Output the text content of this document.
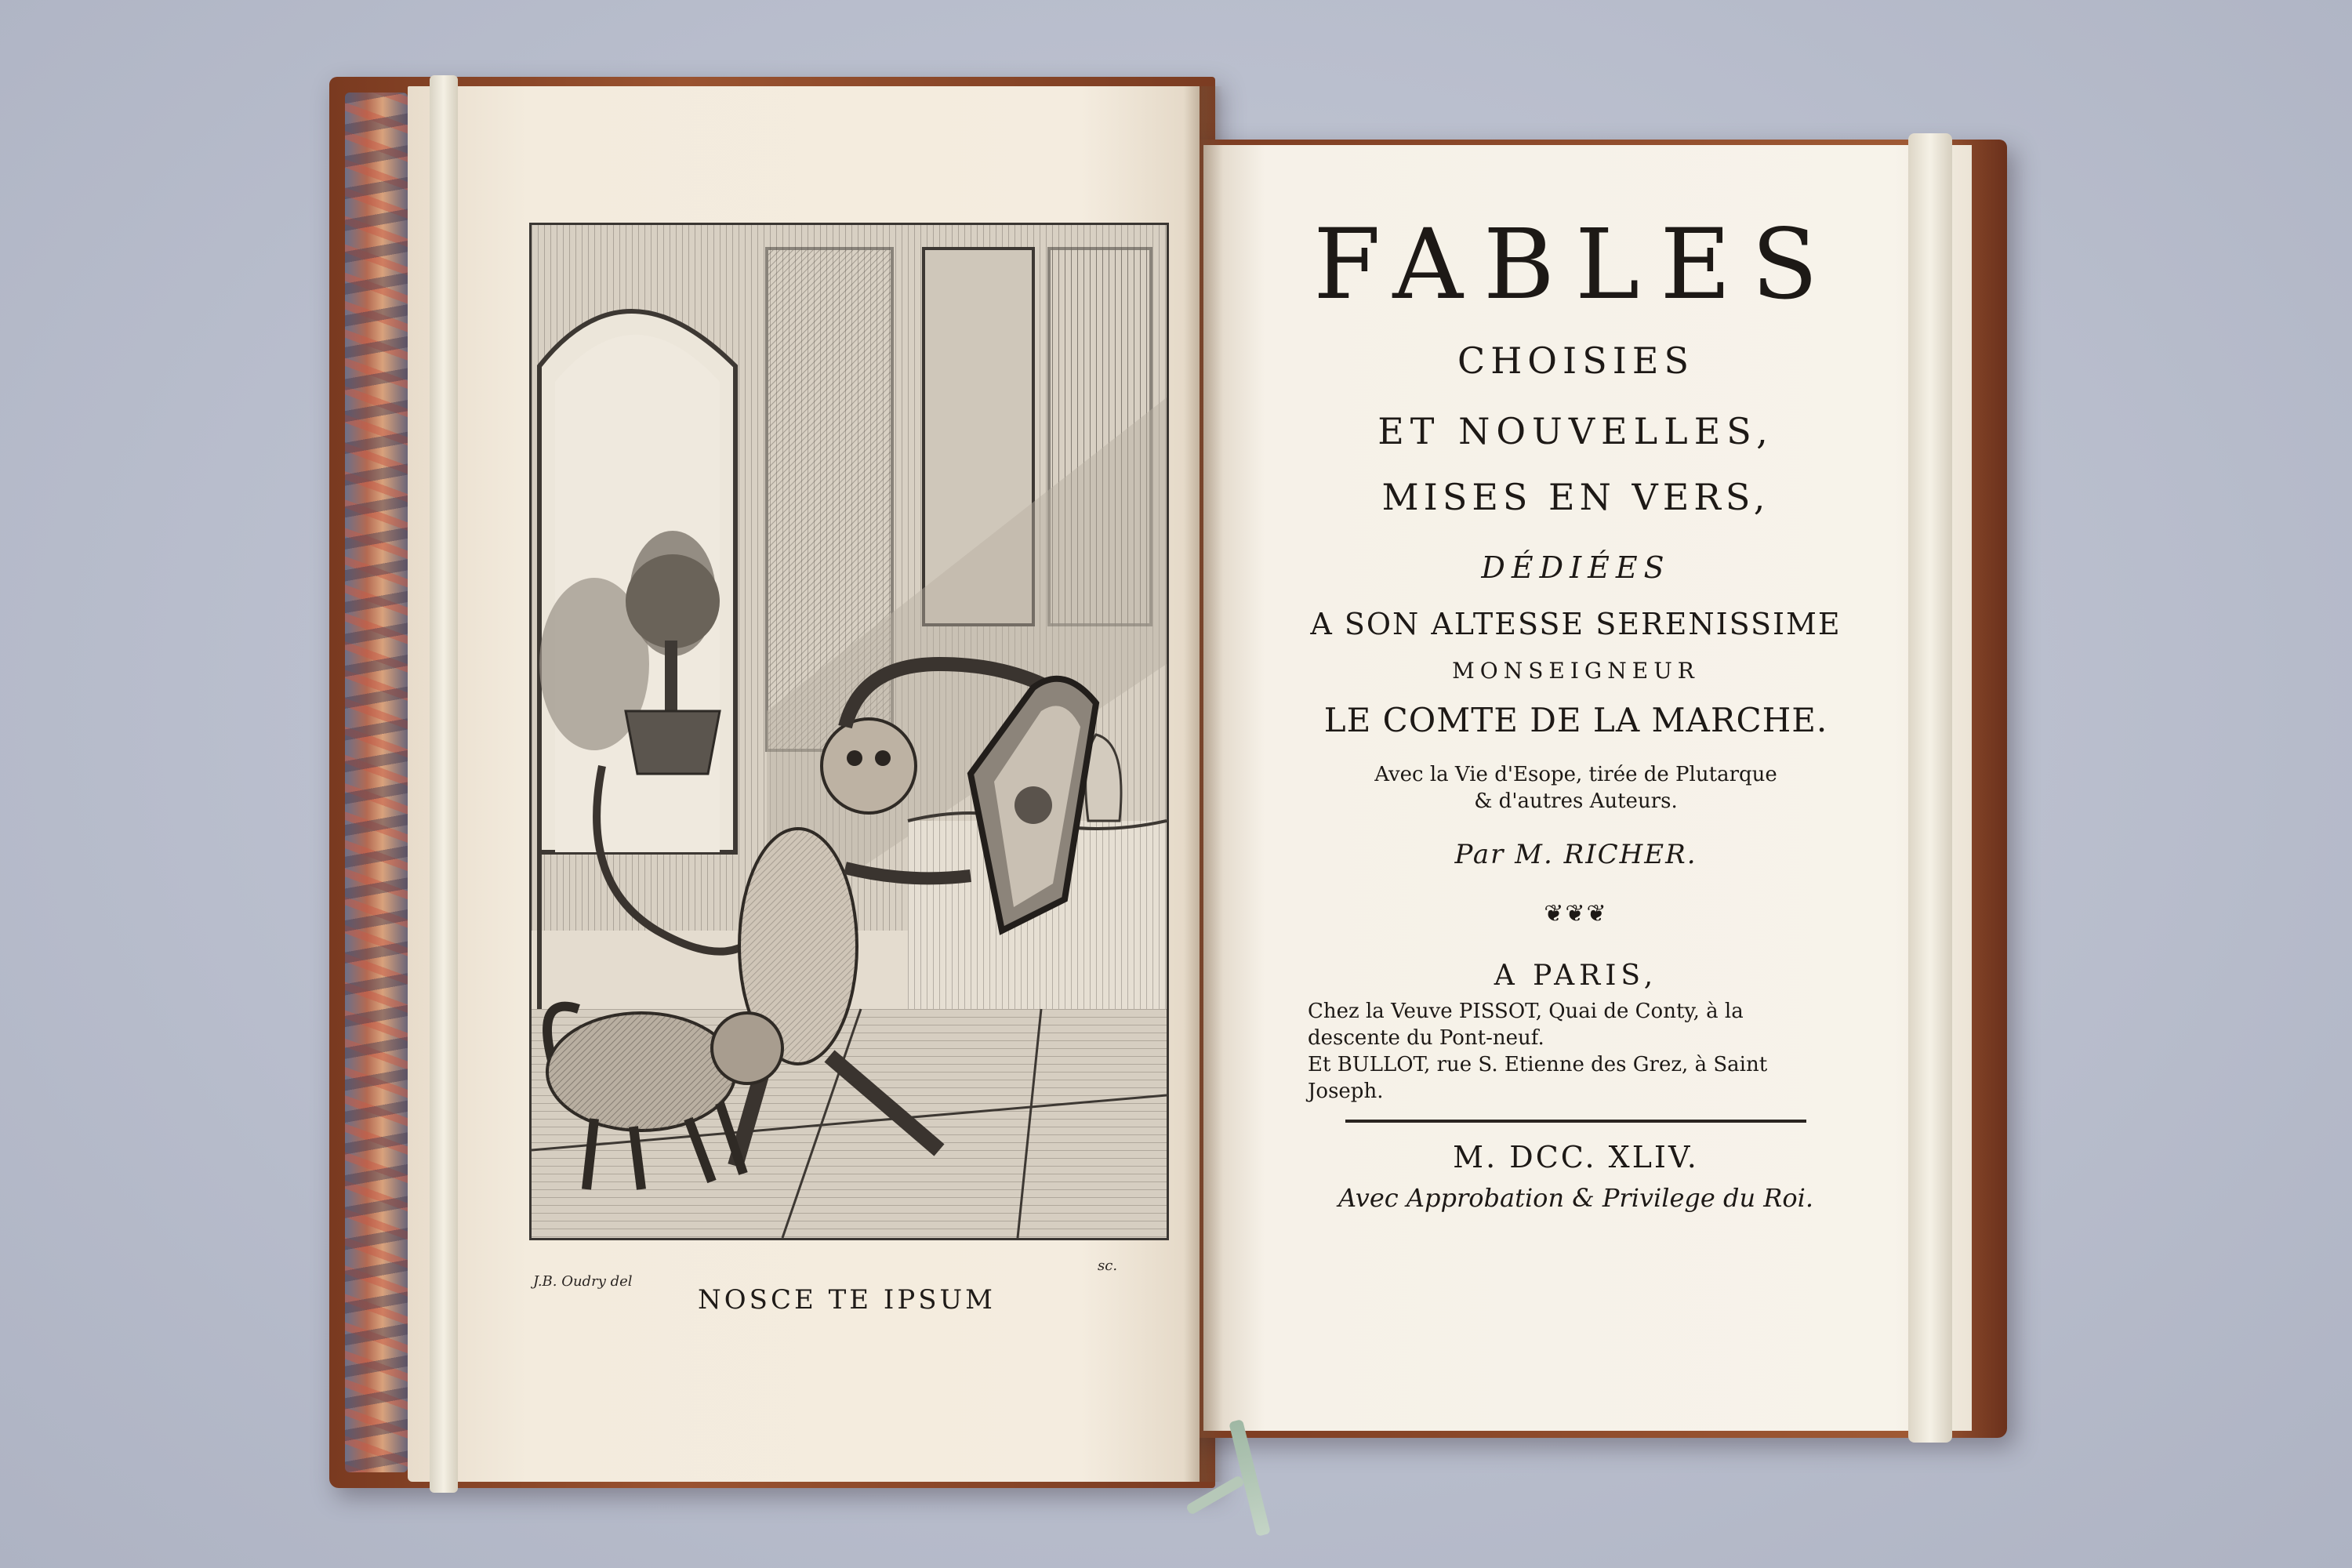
J.B. Oudry del
sc.
NOSCE TE IPSUM
FABLES
CHOISIES
ET NOUVELLES,
MISES EN VERS,
DÉDIÉES
A SON ALTESSE SERENISSIME
MONSEIGNEUR
LE COMTE DE LA MARCHE.
Avec la Vie d'Esope, tirée de Plutarque
& d'autres Auteurs.
Par M. RICHER.
❦❦❦
A PARIS,
Chez la Veuve PISSOT, Quai de Conty, à la
descente du Pont-neuf.
Et BULLOT, rue S. Etienne des Grez, à Saint
Joseph.
M. DCC. XLIV.
Avec Approbation & Privilege du Roi.
